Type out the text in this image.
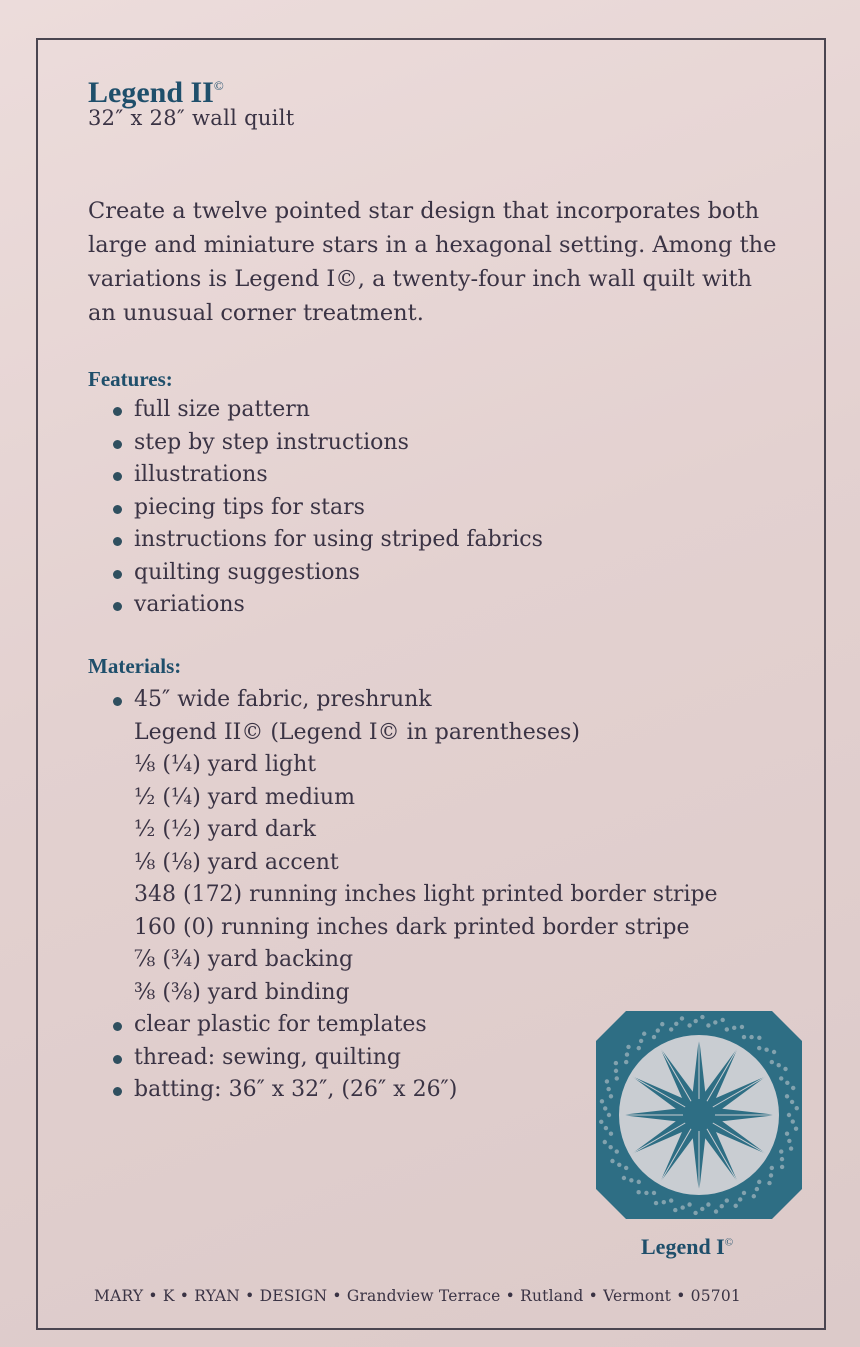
Legend II©
32″ x 28″ wall quilt

Create a twelve pointed star design that incorporates both

large and miniature stars in a hexagonal setting. Among the

variations is Legend I©, a twenty-four inch wall quilt with

an unusual corner treatment.

Features:
full size pattern
step by step instructions
illustrations
piecing tips for stars
instructions for using striped fabrics
quilting suggestions
variations
Materials:
45″ wide fabric, preshrunk
Legend II© (Legend I© in parentheses)
⅛ (¼) yard light
½ (¼) yard medium
½ (½) yard dark
⅛ (⅛) yard accent
348 (172) running inches light printed border stripe
160 (0) running inches dark printed border stripe
⅞ (¾) yard backing
⅜ (⅜) yard binding
clear plastic for templates
thread: sewing, quilting
batting: 36″ x 32″, (26″ x 26″)
Legend I©
MARY • K • RYAN • DESIGN • Grandview Terrace • Rutland • Vermont • 05701
